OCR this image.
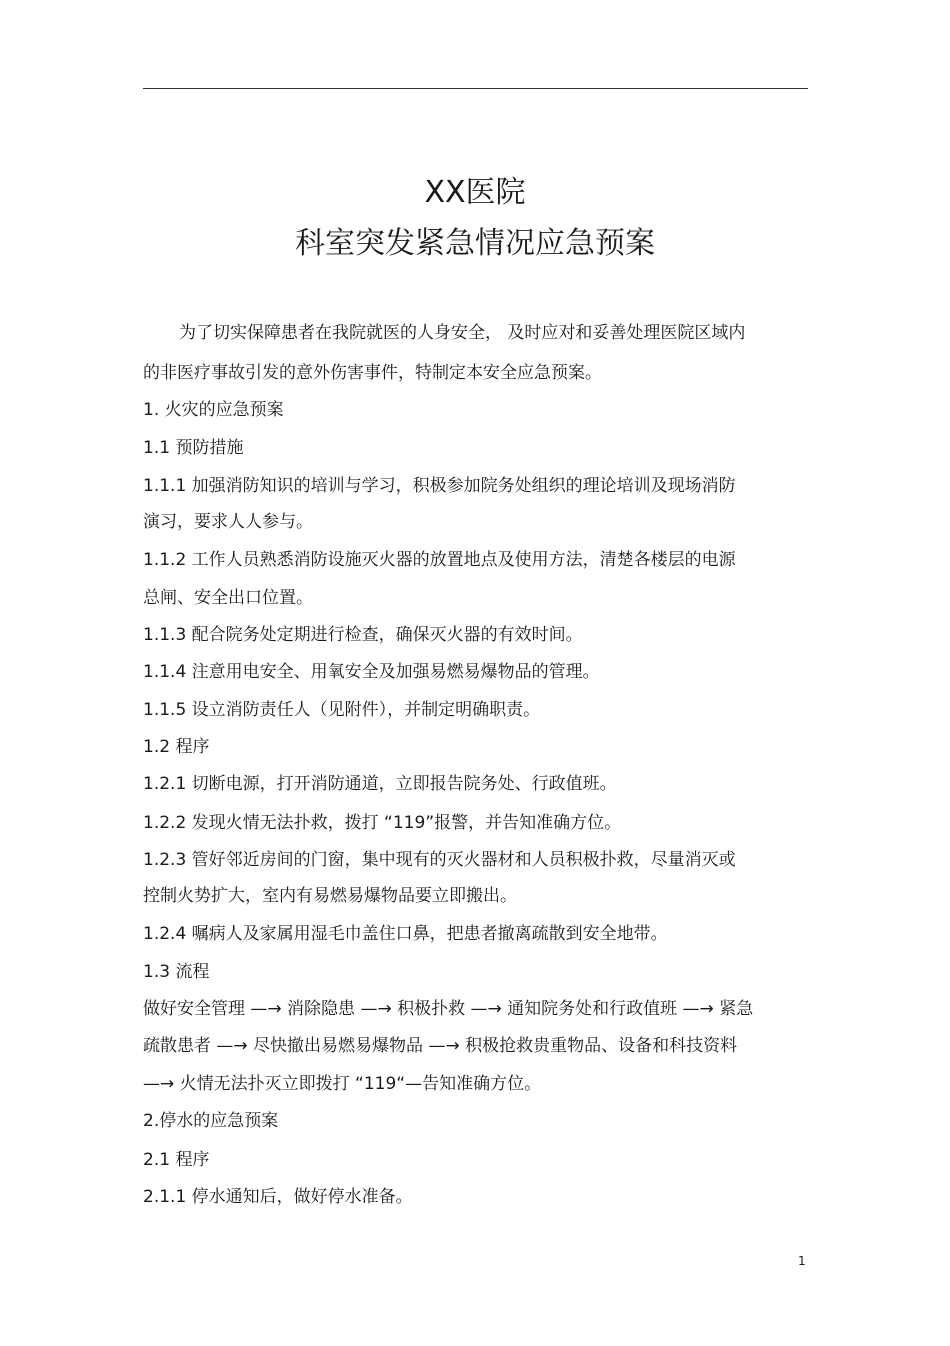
XX医院
科室突发紧急情况应急预案
为了切实保障患者在我院就医的人身安全， 及时应对和妥善处理医院区域内
的非医疗事故引发的意外伤害事件，特制定本安全应急预案。
1. 火灾的应急预案
1.1 预防措施
1.1.1 加强消防知识的培训与学习，积极参加院务处组织的理论培训及现场消防
演习，要求人人参与。
1.1.2 工作人员熟悉消防设施灭火器的放置地点及使用方法，清楚各楼层的电源
总闸、安全出口位置。
1.1.3 配合院务处定期进行检查，确保灭火器的有效时间。
1.1.4 注意用电安全、用氧安全及加强易燃易爆物品的管理。
1.1.5 设立消防责任人（见附件），并制定明确职责。
1.2 程序
1.2.1 切断电源，打开消防通道，立即报告院务处、行政值班。
1.2.2 发现火情无法扑救，拨打 “119”报警，并告知准确方位。
1.2.3 管好邻近房间的门窗，集中现有的灭火器材和人员积极扑救，尽量消灭或
控制火势扩大，室内有易燃易爆物品要立即搬出。
1.2.4 嘱病人及家属用湿毛巾盖住口鼻，把患者撤离疏散到安全地带。
1.3 流程
做好安全管理 —→ 消除隐患 —→ 积极扑救 —→ 通知院务处和行政值班 —→ 紧急
疏散患者 —→ 尽快撤出易燃易爆物品 —→ 积极抢救贵重物品、设备和科技资料
—→ 火情无法扑灭立即拨打 “119“—告知准确方位。
2.停水的应急预案
2.1 程序
2.1.1 停水通知后，做好停水准备。
1
